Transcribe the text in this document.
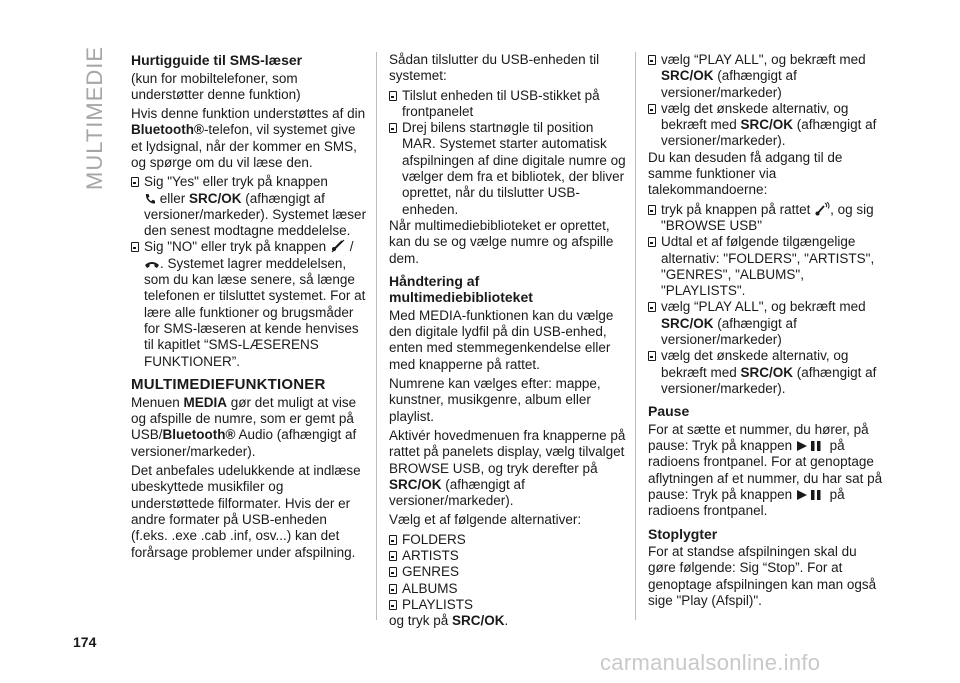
MULTIMEDIE Hurtigguide til SMS-læser

(kun for mobiltelefoner, som understøtter denne funktion)

Hvis denne funktion understøttes af din Bluetooth®-telefon, vil systemet give et lydsignal, når der kommer en SMS, og spørge om du vil læse den.

Sig "Yes" eller tryk på knappen
eller SRC/OK (afhængigt af versioner/markeder). Systemet læser den senest modtagne meddelelse.
Sig "NO" eller tryk på knappen  /
. Systemet lagrer meddelelsen, som du kan læse senere, så længe telefonen er tilsluttet systemet. For at lære alle funktioner og brugsmåder for SMS-læseren at kende henvises til kapitlet “SMS-LÆSERENS FUNKTIONER”.
MULTIMEDIEFUNKTIONER

Menuen MEDIA gør det muligt at vise og afspille de numre, som er gemt på USB/Bluetooth® Audio (afhængigt af versioner/markeder).

Det anbefales udelukkende at indlæse ubeskyttede musikfiler og understøttede filformater. Hvis der er andre formater på USB-enheden (f.eks. .exe .cab .inf, osv...) kan det forårsage problemer under afspilning.

Sådan tilslutter du USB-enheden til systemet:

Tilslut enheden til USB-stikket på frontpanelet
Drej bilens startnøgle til position MAR. Systemet starter automatisk afspilningen af dine digitale numre og vælger dem fra et bibliotek, der bliver oprettet, når du tilslutter USB-enheden.

Når multimediebiblioteket er oprettet, kan du se og vælge numre og afspille dem.

Håndtering af multimediebiblioteket

Med MEDIA-funktionen kan du vælge den digitale lydfil på din USB-enhed, enten med stemmegenkendelse eller med knapperne på rattet.

Numrene kan vælges efter: mappe, kunstner, musikgenre, album eller playlist.

Aktivér hovedmenuen fra knapperne på rattet på panelets display, vælg tilvalget BROWSE USB, og tryk derefter på SRC/OK (afhængigt af versioner/markeder).

Vælg et af følgende alternativer:

FOLDERS
ARTISTS
GENRES
ALBUMS
PLAYLISTS

og tryk på SRC/OK.

vælg “PLAY ALL", og bekræft med SRC/OK (afhængigt af versioner/markeder)
vælg det ønskede alternativ, og bekræft med SRC/OK (afhængigt af versioner/markeder).

Du kan desuden få adgang til de samme funktioner via talekommandoerne:

tryk på knappen på rattet , og sig "BROWSE USB"
Udtal et af følgende tilgængelige alternativ: "FOLDERS", "ARTISTS", "GENRES", "ALBUMS", "PLAYLISTS".
vælg “PLAY ALL", og bekræft med SRC/OK (afhængigt af versioner/markeder)
vælg det ønskede alternativ, og bekræft med SRC/OK (afhængigt af versioner/markeder).
Pause

For at sætte et nummer, du hører, på pause: Tryk på knappen  på radioens frontpanel. For at genoptage aflytningen af et nummer, du har sat på pause: Tryk på knappen  på radioens frontpanel.

Stoplygter

For at standse afspilningen skal du gøre følgende: Sig “Stop”. For at genoptage afspilningen kan man også sige "Play (Afspil)".

174
carmanualsonline.info
